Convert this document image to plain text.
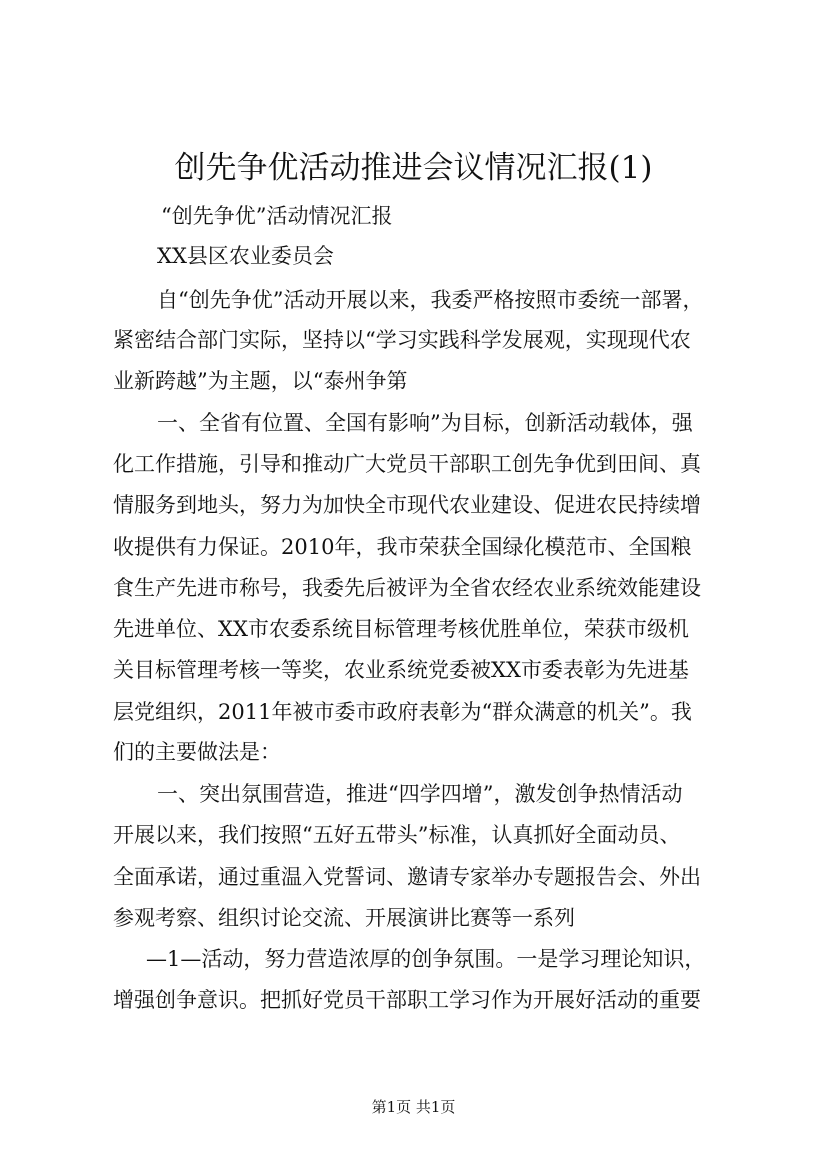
创先争优活动推进会议情况汇报(1)

“创先争优”活动情况汇报

XX县区农业委员会

自“创先争优”活动开展以来，我委严格按照市委统一部署，

紧密结合部门实际，坚持以“学习实践科学发展观，实现现代农

业新跨越”为主题，以“泰州争第

一、全省有位置、全国有影响”为目标，创新活动载体，强

化工作措施，引导和推动广大党员干部职工创先争优到田间、真

情服务到地头，努力为加快全市现代农业建设、促进农民持续增

收提供有力保证。2010年，我市荣获全国绿化模范市、全国粮

食生产先进市称号，我委先后被评为全省农经农业系统效能建设

先进单位、XX市农委系统目标管理考核优胜单位，荣获市级机

关目标管理考核一等奖，农业系统党委被XX市委表彰为先进基

层党组织，2011年被市委市政府表彰为“群众满意的机关”。我

们的主要做法是：

一、突出氛围营造，推进“四学四增”，激发创争热情活动

开展以来，我们按照“五好五带头”标准，认真抓好全面动员、

全面承诺，通过重温入党誓词、邀请专家举办专题报告会、外出

参观考察、组织讨论交流、开展演讲比赛等一系列

—1—活动，努力营造浓厚的创争氛围。一是学习理论知识，

增强创争意识。把抓好党员干部职工学习作为开展好活动的重要

第1页 共1页
